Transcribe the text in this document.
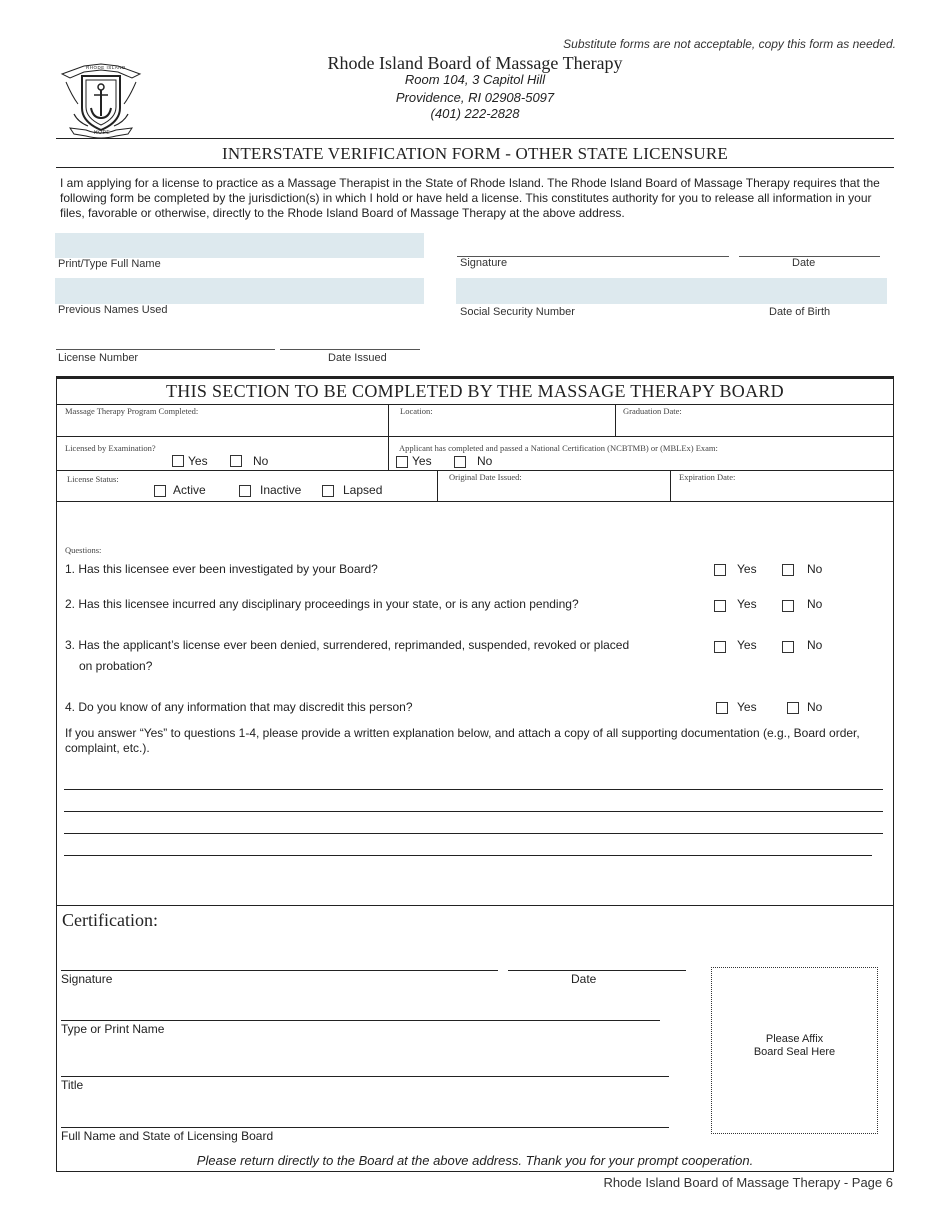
Substitute forms are not acceptable, copy this form as needed.
RHODE ISLAND
HOPE
Rhode Island Board of Massage Therapy
Room 104, 3 Capitol Hill
Providence, RI 02908-5097
(401) 222-2828
INTERSTATE VERIFICATION FORM - OTHER STATE LICENSURE
I am applying for a license to practice as a Massage Therapist in the State of Rhode Island. The Rhode Island Board of Massage Therapy requires that the following form be completed by the jurisdiction(s) in which I hold or have held a license. This constitutes authority for you to release all information in your files, favorable or otherwise, directly to the Rhode Island Board of Massage Therapy at the above address.
Print/Type Full Name	Signature	Date
Previous Names Used	Social Security Number	Date of Birth
License Number	Date Issued
THIS SECTION TO BE COMPLETED BY THE MASSAGE THERAPY BOARD
Massage Therapy Program Completed:	Location:	Graduation Date:
Licensed by Examination?
Yes	No
Applicant has completed and passed a National Certification (NCBTMB) or (MBLEx) Exam:
Yes	No
License Status:
Active	Inactive	Lapsed
Original Date Issued:	Expiration Date:
Questions:
1. Has this licensee ever been investigated by your Board?	Yes	No
2. Has this licensee incurred any disciplinary proceedings in your state, or is any action pending?	Yes	No
3. Has the applicant’s license ever been denied, surrendered, reprimanded, suspended, revoked or placed
on probation?
Yes	No
4. Do you know of any information that may discredit this person?	Yes	No
If you answer “Yes” to questions 1-4, please provide a written explanation below, and attach a copy of all supporting documentation (e.g., Board order, complaint, etc.).
Certification:
Signature	Date
Type or Print Name
Title
Full Name and State of Licensing Board
Please Affix
Board Seal Here
Please return directly to the Board at the above address. Thank you for your prompt cooperation.
Rhode Island Board of Massage Therapy - Page 6
